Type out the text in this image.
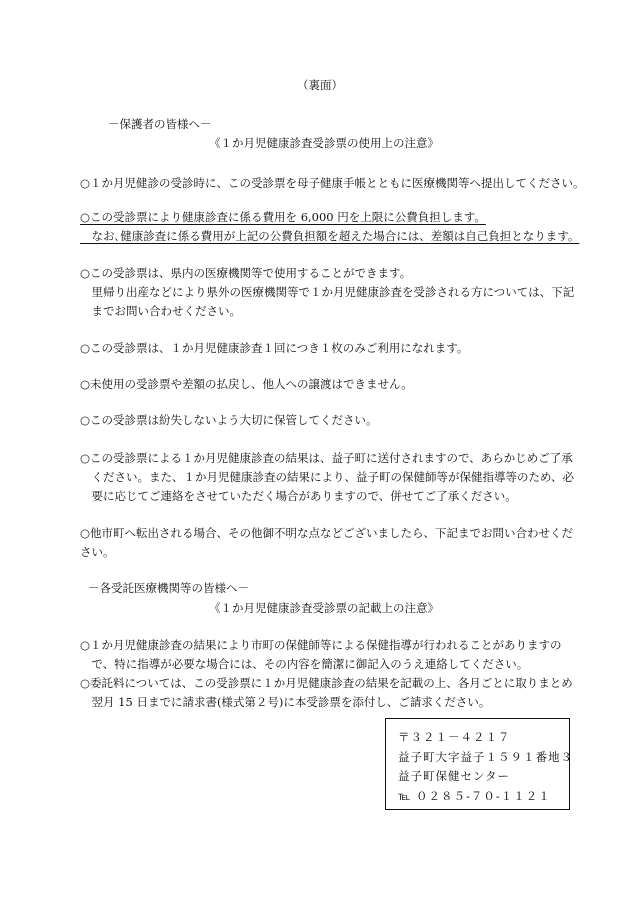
（裏面）
－保護者の皆様へ－
《１か月児健康診査受診票の使用上の注意》
○１か月児健診の受診時に、この受診票を母子健康手帳とともに医療機関等へ提出してください。
○この受診票により健康診査に係る費用を 6,000 円を上限に公費負担します。
　なお､健康診査に係る費用が上記の公費負担額を超えた場合には、差額は自己負担となります。
○この受診票は、県内の医療機関等で使用することができます。
　里帰り出産などにより県外の医療機関等で１か月児健康診査を受診される方については、下記
　までお問い合わせください。
○この受診票は、１か月児健康診査１回につき１枚のみご利用になれます。
○未使用の受診票や差額の払戻し、他人への譲渡はできません。
○この受診票は紛失しないよう大切に保管してください。
○この受診票による１か月児健康診査の結果は、益子町に送付されますので、あらかじめご了承
　ください。また、１か月児健康診査の結果により、益子町の保健師等が保健指導等のため、必
　要に応じてご連絡をさせていただく場合がありますので、併せてご了承ください。
○他市町へ転出される場合、その他御不明な点などございましたら、下記までお問い合わせくだ
さい。
－各受託医療機関等の皆様へ－
《１か月児健康診査受診票の記載上の注意》
○１か月児健康診査の結果により市町の保健師等による保健指導が行われることがありますの
　で、特に指導が必要な場合には、その内容を簡潔に御記入のうえ連絡してください。
○委託料については、この受診票に１か月児健康診査の結果を記載の上、各月ごとに取りまとめ
　翌月 15 日までに請求書(様式第２号)に本受診票を添付し、ご請求ください。
〒３２１－４２１７
益子町大字益子１５９１番地３
益子町保健センター
℡ ０２８５-７０-１１２１
